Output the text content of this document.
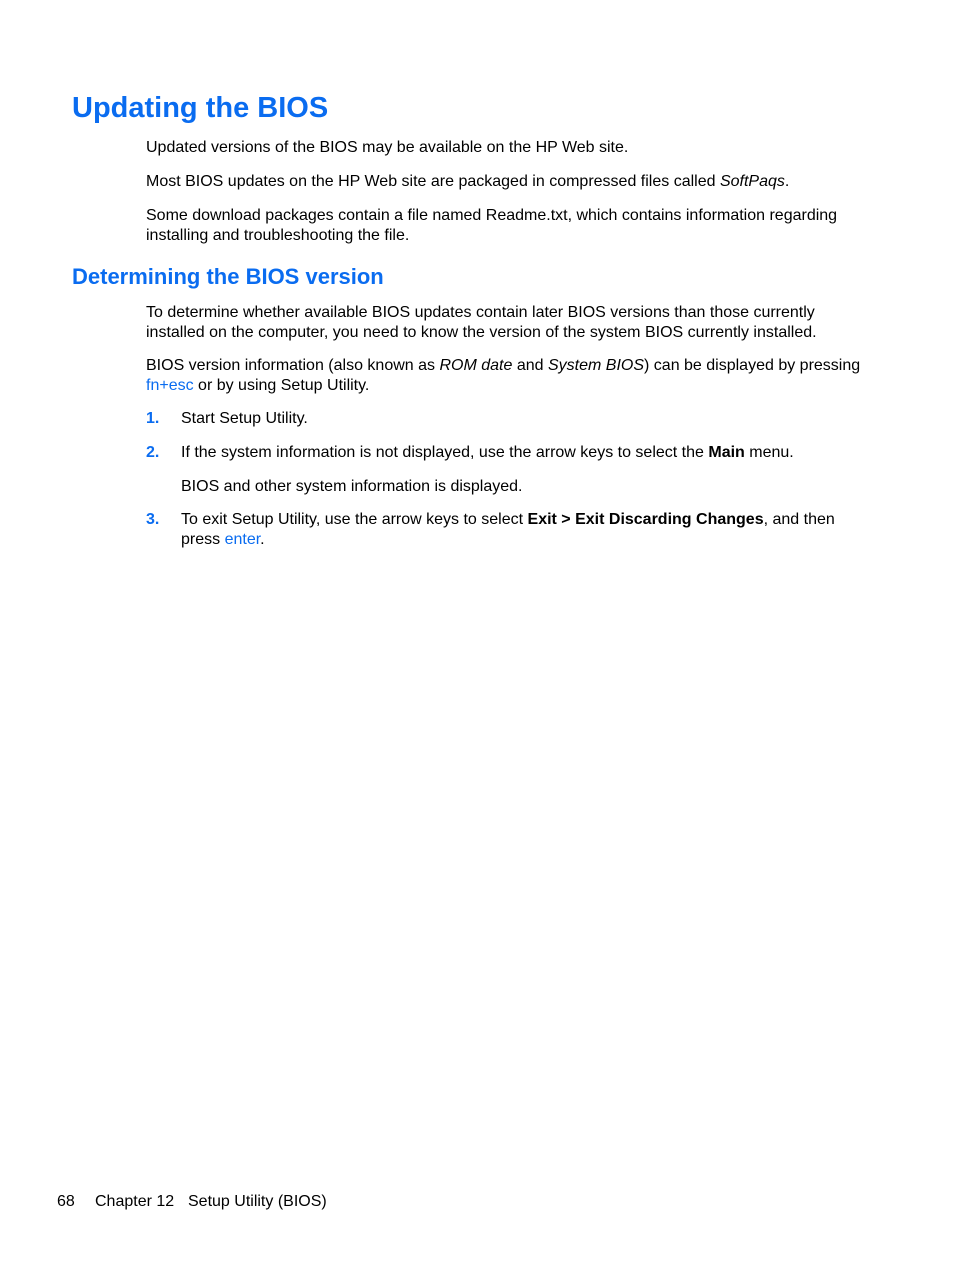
Updating the BIOS

Updated versions of the BIOS may be available on the HP Web site.

Most BIOS updates on the HP Web site are packaged in compressed files called SoftPaqs.

Some download packages contain a file named Readme.txt, which contains information regarding installing and troubleshooting the file.

Determining the BIOS version

To determine whether available BIOS updates contain later BIOS versions than those currently installed on the computer, you need to know the version of the system BIOS currently installed.

BIOS version information (also known as ROM date and System BIOS) can be displayed by pressing
fn+esc or by using Setup Utility.

1. Start Setup Utility.

2. If the system information is not displayed, use the arrow keys to select the Main menu.

BIOS and other system information is displayed.

3. To exit Setup Utility, use the arrow keys to select Exit > Exit Discarding Changes, and then
press enter.

68 Chapter 12 Setup Utility (BIOS)
